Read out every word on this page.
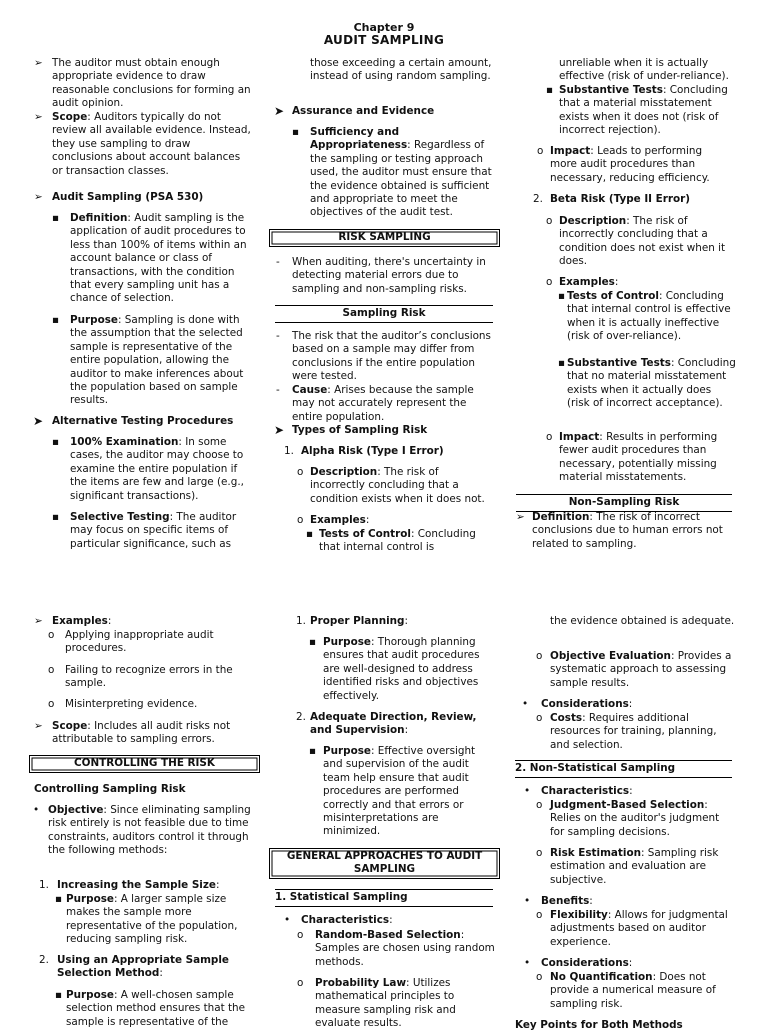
Chapter 9
AUDIT SAMPLING
➢ The auditor must obtain enough appropriate evidence to draw reasonable conclusions for forming an audit opinion.

➢ Scope: Auditors typically do not review all available evidence. Instead, they use sampling to draw conclusions about account balances or transaction classes.

➢ Audit Sampling (PSA 530)

▪ Definition: Audit sampling is the application of audit procedures to less than 100% of items within an account balance or class of transactions, with the condition that every sampling unit has a chance of selection.

▪ Purpose: Sampling is done with the assumption that the selected sample is representative of the entire population, allowing the auditor to make inferences about the population based on sample results.

➤ Alternative Testing Procedures

▪ 100% Examination: In some cases, the auditor may choose to examine the entire population if the items are few and large (e.g., significant transactions).

▪ Selective Testing: The auditor may focus on specific items of particular significance, such as

those exceeding a certain amount, instead of using random sampling.

➤ Assurance and Evidence

▪ Sufficiency and Appropriateness: Regardless of the sampling or testing approach used, the auditor must ensure that the evidence obtained is sufficient and appropriate to meet the objectives of the audit test.

RISK SAMPLING
- When auditing, there's uncertainty in detecting material errors due to sampling and non-sampling risks.

Sampling Risk
- The risk that the auditor’s conclusions based on a sample may differ from conclusions if the entire population were tested.

- Cause: Arises because the sample may not accurately represent the entire population.

➤ Types of Sampling Risk

1. Alpha Risk (Type I Error)

o Description: The risk of incorrectly concluding that a condition exists when it does not.

o Examples:

▪ Tests of Control: Concluding that internal control is

unreliable when it is actually effective (risk of under-reliance).

▪ Substantive Tests: Concluding that a material misstatement exists when it does not (risk of incorrect rejection).

o Impact: Leads to performing more audit procedures than necessary, reducing efficiency.

2. Beta Risk (Type II Error)

o Description: The risk of incorrectly concluding that a condition does not exist when it does.

o Examples:

▪ Tests of Control: Concluding that internal control is effective when it is actually ineffective (risk of over-reliance).

▪ Substantive Tests: Concluding that no material misstatement exists when it actually does (risk of incorrect acceptance).

o Impact: Results in performing fewer audit procedures than necessary, potentially missing material misstatements.

Non-Sampling Risk
➢ Definition: The risk of incorrect conclusions due to human errors not related to sampling.

➢ Examples:

o Applying inappropriate audit procedures.

o Failing to recognize errors in the sample.

o Misinterpreting evidence.

➢ Scope: Includes all audit risks not attributable to sampling errors.

CONTROLLING THE RISK

Controlling Sampling Risk

• Objective: Since eliminating sampling risk entirely is not feasible due to time constraints, auditors control it through the following methods:

1. Increasing the Sample Size:

▪ Purpose: A larger sample size makes the sample more representative of the population, reducing sampling risk.

2. Using an Appropriate Sample Selection Method:

▪ Purpose: A well-chosen sample selection method ensures that the sample is representative of the

1. Proper Planning:

▪ Purpose: Thorough planning ensures that audit procedures are well-designed to address identified risks and objectives effectively.

2. Adequate Direction, Review, and Supervision:

▪ Purpose: Effective oversight and supervision of the audit team help ensure that audit procedures are performed correctly and that errors or misinterpretations are minimized.

GENERAL APPROACHES TO AUDIT SAMPLING
1. Statistical Sampling
• Characteristics:

o Random-Based Selection: Samples are chosen using random methods.

o Probability Law: Utilizes mathematical principles to measure sampling risk and evaluate results.

the evidence obtained is adequate.

o Objective Evaluation: Provides a systematic approach to assessing sample results.

• Considerations:

o Costs: Requires additional resources for training, planning, and selection.

2. Non-Statistical Sampling
• Characteristics:

o Judgment-Based Selection: Relies on the auditor's judgment for sampling decisions.

o Risk Estimation: Sampling risk estimation and evaluation are subjective.

• Benefits:

o Flexibility: Allows for judgmental adjustments based on auditor experience.

• Considerations:

o No Quantification: Does not provide a numerical measure of sampling risk.

Key Points for Both Methods
